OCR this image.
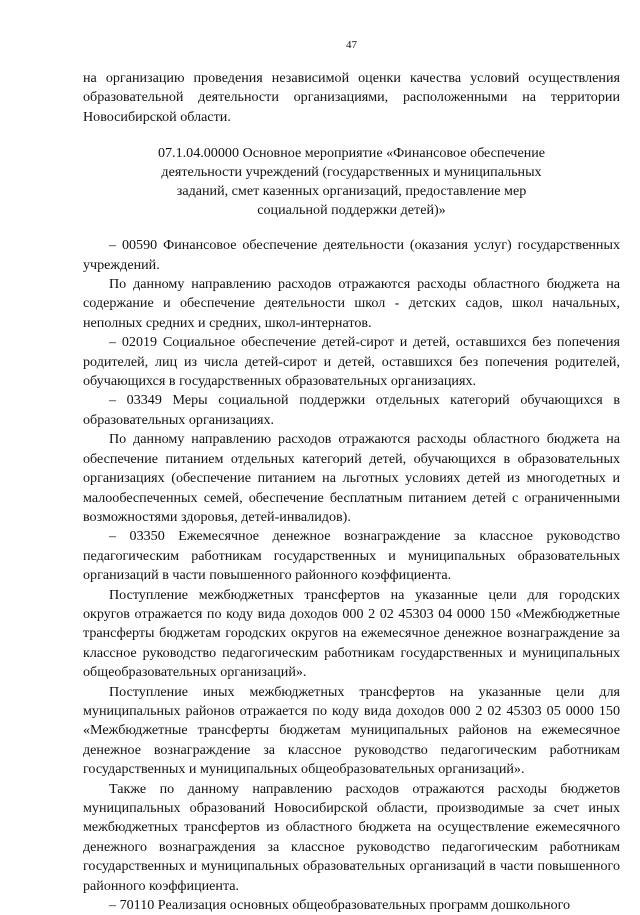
47

на организацию проведения независимой оценки качества условий осуществления образовательной деятельности организациями, расположенными на территории Новосибирской области.

07.1.04.00000 Основное мероприятие «Финансовое обеспечение
деятельности учреждений (государственных и муниципальных
заданий, смет казенных организаций, предоставление мер
социальной поддержки детей)»

– 00590 Финансовое обеспечение деятельности (оказания услуг) государственных учреждений.

По данному направлению расходов отражаются расходы областного бюджета на содержание и обеспечение деятельности школ - детских садов, школ начальных, неполных средних и средних, школ-интернатов.

– 02019 Социальное обеспечение детей-сирот и детей, оставшихся без попечения родителей, лиц из числа детей-сирот и детей, оставшихся без попечения родителей, обучающихся в государственных образовательных организациях.

– 03349 Меры социальной поддержки отдельных категорий обучающихся в образовательных организациях.

По данному направлению расходов отражаются расходы областного бюджета на обеспечение питанием отдельных категорий детей, обучающихся в образовательных организациях (обеспечение питанием на льготных условиях детей из многодетных и малообеспеченных семей, обеспечение бесплатным питанием детей с ограниченными возможностями здоровья, детей-инвалидов).

– 03350 Ежемесячное денежное вознаграждение за классное руководство педагогическим работникам государственных и муниципальных образовательных организаций в части повышенного районного коэффициента.

Поступление межбюджетных трансфертов на указанные цели для городских округов отражается по коду вида доходов 000 2 02 45303 04 0000 150 «Межбюджетные трансферты бюджетам городских округов на ежемесячное денежное вознаграждение за классное руководство педагогическим работникам государственных и муниципальных общеобразовательных организаций».

Поступление иных межбюджетных трансфертов на указанные цели для муниципальных районов отражается по коду вида доходов 000 2 02 45303 05 0000 150 «Межбюджетные трансферты бюджетам муниципальных районов на ежемесячное денежное вознаграждение за классное руководство педагогическим работникам государственных и муниципальных общеобразовательных организаций».

Также по данному направлению расходов отражаются расходы бюджетов муниципальных образований Новосибирской области, производимые за счет иных межбюджетных трансфертов из областного бюджета на осуществление ежемесячного денежного вознаграждения за классное руководство педагогическим работникам государственных и муниципальных образовательных организаций в части повышенного районного коэффициента.

– 70110 Реализация основных общеобразовательных программ дошкольного
